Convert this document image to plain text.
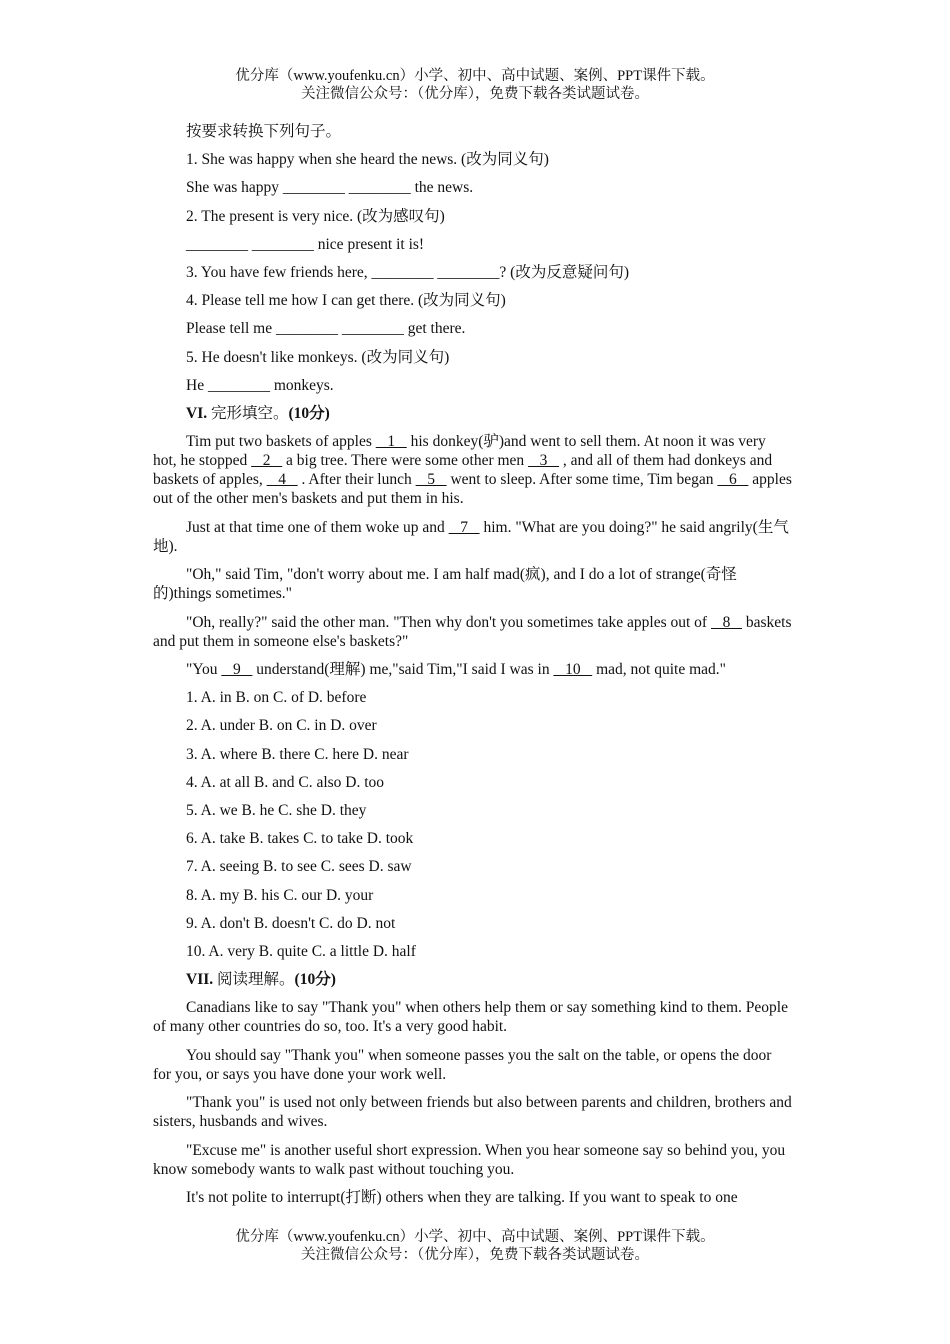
优分库（www.youfenku.cn）小学、初中、高中试题、案例、PPT课件下载。
关注微信公众号：（优分库），免费下载各类试题试卷。
按要求转换下列句子。
1. She was happy when she heard the news. (改为同义句)
She was happy ________ ________ the news.
2. The present is very nice. (改为感叹句)
________ ________ nice present it is!
3. You have few friends here, ________ ________? (改为反意疑问句)
4. Please tell me how I can get there. (改为同义句)
Please tell me ________ ________ get there.
5. He doesn't like monkeys. (改为同义句)
He ________ monkeys.
VI. 完形填空。(10分)
Tim put two baskets of apples    1    his donkey(驴)and went to sell them. At noon it was very hot, he stopped    2    a big tree. There were some other men    3    , and all of them had donkeys and baskets of apples,    4    . After their lunch    5    went to sleep. After some time, Tim began    6    apples out of the other men's baskets and put them in his.
Just at that time one of them woke up and    7    him. "What are you doing?" he said angrily(生气地).
"Oh," said Tim, "don't worry about me. I am half mad(疯), and I do a lot of strange(奇怪的)things sometimes."
"Oh, really?" said the other man. "Then why don't you sometimes take apples out of    8    baskets and put them in someone else's baskets?"
"You    9    understand(理解) me,"said Tim,"I said I was in    10    mad, not quite mad."
1. A. in B. on C. of D. before
2. A. under B. on C. in D. over
3. A. where B. there C. here D. near
4. A. at all B. and C. also D. too
5. A. we B. he C. she D. they
6. A. take B. takes C. to take D. took
7. A. seeing B. to see C. sees D. saw
8. A. my B. his C. our D. your
9. A. don't B. doesn't C. do D. not
10. A. very B. quite C. a little D. half
VII. 阅读理解。(10分)
Canadians like to say "Thank you" when others help them or say something kind to them. People of many other countries do so, too. It's a very good habit.
You should say "Thank you" when someone passes you the salt on the table, or opens the door for you, or says you have done your work well.
"Thank you" is used not only between friends but also between parents and children, brothers and sisters, husbands and wives.
"Excuse me" is another useful short expression. When you hear someone say so behind you, you know somebody wants to walk past without touching you.
It's not polite to interrupt(打断) others when they are talking. If you want to speak to one
优分库（www.youfenku.cn）小学、初中、高中试题、案例、PPT课件下载。
关注微信公众号：（优分库），免费下载各类试题试卷。
